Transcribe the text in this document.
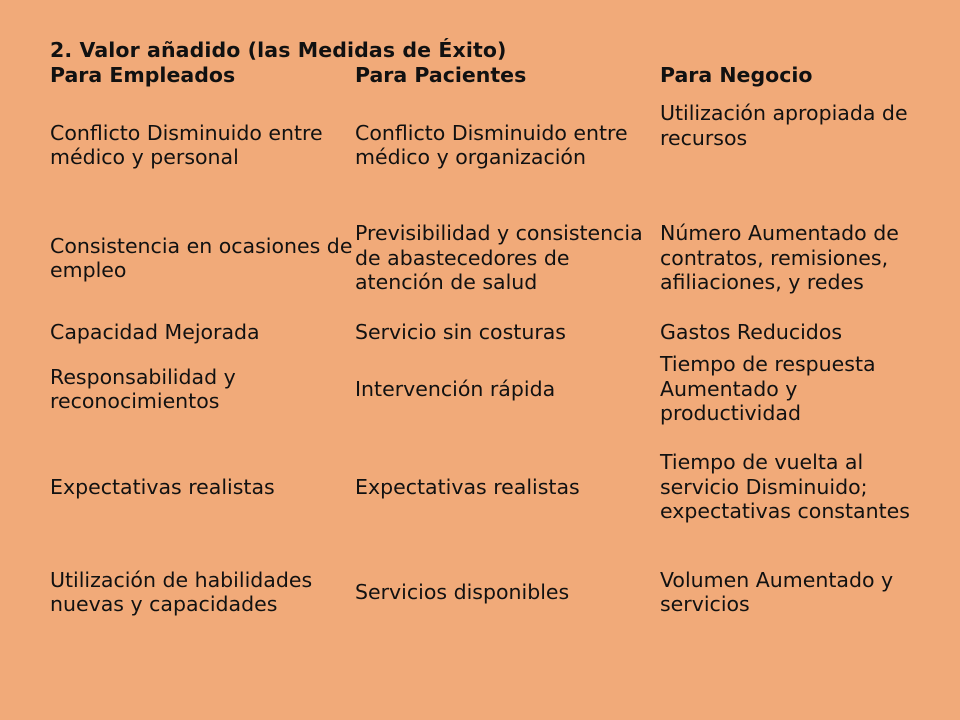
2. Valor añadido (las Medidas de Éxito)
Para Empleados	Para Pacientes	Para Negocio
Conflicto Disminuido entre médico y personal	Conflicto Disminuido entre médico y organización	Utilización apropiada de recursos
Consistencia en ocasiones de empleo	Previsibilidad y consistencia de abastecedores de atención de salud	Número Aumentado de contratos, remisiones, afiliaciones, y redes
Capacidad Mejorada	Servicio sin costuras	Gastos Reducidos
Responsabilidad y reconocimientos	Intervención rápida	Tiempo de respuesta Aumentado y productividad
Expectativas realistas	Expectativas realistas	Tiempo de vuelta al servicio Disminuido; expectativas constantes
Utilización de habilidades nuevas y capacidades	Servicios disponibles	Volumen Aumentado y servicios
